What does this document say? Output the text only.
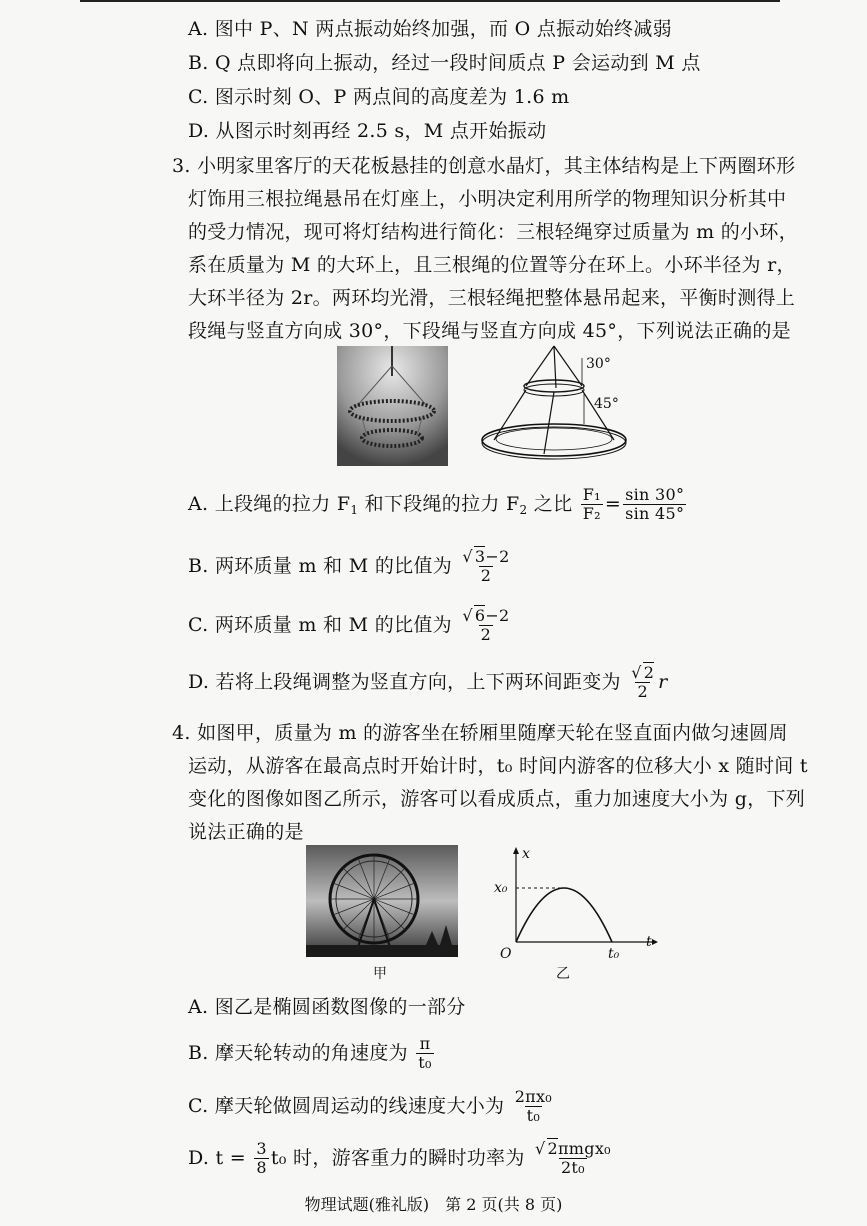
A. 图中 P、N 两点振动始终加强，而 O 点振动始终减弱
B. Q 点即将向上振动，经过一段时间质点 P 会运动到 M 点
C. 图示时刻 O、P 两点间的高度差为 1.6 m
D. 从图示时刻再经 2.5 s，M 点开始振动
3. 小明家里客厅的天花板悬挂的创意水晶灯，其主体结构是上下两圈环形
灯饰用三根拉绳悬吊在灯座上，小明决定利用所学的物理知识分析其中
的受力情况，现可将灯结构进行简化：三根轻绳穿过质量为 m 的小环，
系在质量为 M 的大环上，且三根绳的位置等分在环上。小环半径为 r，
大环半径为 2r。两环均光滑，三根轻绳把整体悬吊起来，平衡时测得上
段绳与竖直方向成 30°，下段绳与竖直方向成 45°，下列说法正确的是
30°
45°
A. 上段绳的拉力 $F_1$ 和下段绳的拉力 $F_2$ 之比 $\frac{\text{F₁}}{\text{F₂}} = \frac{\sin 30^\circ}{\sin 45^\circ}$
B. 两环质量 m 和 M 的比值为 $\frac{√ 3-2}{2}$
C. 两环质量 m 和 M 的比值为 $\frac{√ 6-2}{2}$
D. 若将上段绳调整为竖直方向，上下两环间距变为 $\frac{√ 2}{2}$ r
4. 如图甲，质量为 m 的游客坐在轿厢里随摩天轮在竖直面内做匀速圆周
运动，从游客在最高点时开始计时，t₀ 时间内游客的位移大小 x 随时间 t
变化的图像如图乙所示，游客可以看成质点，重力加速度大小为 g，下列
说法正确的是
甲
x
t
O
x₀
t₀
乙
A. 图乙是椭圆函数图像的一部分
B. 摩天轮转动的角速度为 $\frac{\pi}{\text{t₀}}$
C. 摩天轮做圆周运动的线速度大小为 $\frac{\text{2πx₀}}{\text{t₀}}$
D. $t = \frac{3}{8} t_0$ 时，游客重力的瞬时功率为 $\frac{\text{√ 2πmgx₀}}{\text{2t₀}}$
物理试题(雅礼版)　第 2 页(共 8 页)
